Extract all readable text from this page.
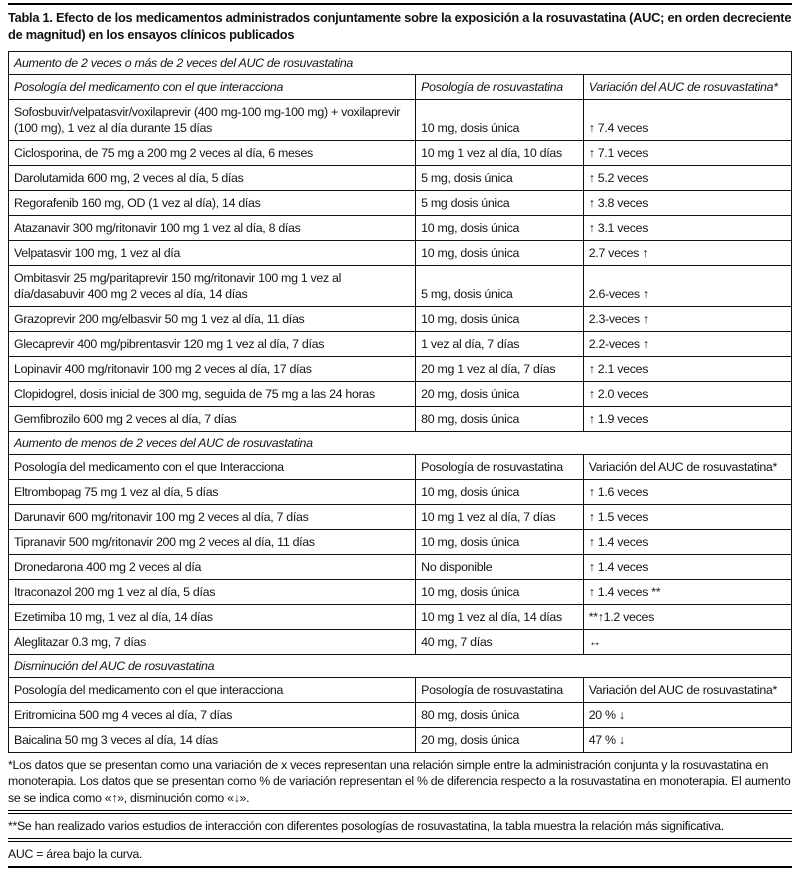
Tabla 1. Efecto de los medicamentos administrados conjuntamente sobre la exposición a la rosuvastatina (AUC; en orden decreciente de magnitud) en los ensayos clínicos publicados
Aumento de 2 veces o más de 2 veces del AUC de rosuvastatina		
Posología del medicamento con el que interacciona	Posología de rosuvastatina	Variación del AUC de rosuvastatina*
Sofosbuvir/velpatasvir/voxilaprevir (400 mg-100 mg-100 mg) + voxilaprevir (100 mg), 1 vez al día durante 15 días	10 mg, dosis única	↑ 7.4 veces
Ciclosporina, de 75 mg a 200 mg 2 veces al día, 6 meses	10 mg 1 vez al día, 10 días	↑ 7.1 veces
Darolutamida 600 mg, 2 veces al día, 5 días	5 mg, dosis única	↑ 5.2 veces
Regorafenib 160 mg, OD (1 vez al día), 14 días	5 mg dosis única	↑ 3.8 veces
Atazanavir 300 mg/ritonavir 100 mg 1 vez al día, 8 días	10 mg, dosis única	↑ 3.1 veces
Velpatasvir 100 mg, 1 vez al día	10 mg, dosis única	2.7 veces ↑
Ombitasvir 25 mg/paritaprevir 150 mg/ritonavir 100 mg 1 vez al día/dasabuvir 400 mg 2 veces al día, 14 días	5 mg, dosis única	2.6-veces ↑
Grazoprevir 200 mg/elbasvir 50 mg 1 vez al día, 11 días	10 mg, dosis única	2.3-veces ↑
Glecaprevir 400 mg/pibrentasvir 120 mg 1 vez al día, 7 días	1 vez al día, 7 días	2.2-veces ↑
Lopinavir 400 mg/ritonavir 100 mg 2 veces al día, 17 días	20 mg 1 vez al día, 7 días	↑ 2.1 veces
Clopidogrel, dosis inicial de 300 mg, seguida de 75 mg a las 24 horas	20 mg, dosis única	↑ 2.0 veces
Gemfibrozilo 600 mg 2 veces al día, 7 días	80 mg, dosis única	↑ 1.9 veces
Aumento de menos de 2 veces del AUC de rosuvastatina		
Posología del medicamento con el que Interacciona	Posología de rosuvastatina	Variación del AUC de rosuvastatina*
Eltrombopag 75 mg 1 vez al día, 5 días	10 mg, dosis única	↑ 1.6 veces
Darunavir 600 mg/ritonavir 100 mg 2 veces al día, 7 días	10 mg 1 vez al día, 7 días	↑ 1.5 veces
Tipranavir 500 mg/ritonavir 200 mg 2 veces al día, 11 días	10 mg, dosis única	↑ 1.4 veces
Dronedarona 400 mg 2 veces al día	No disponible	↑ 1.4 veces
Itraconazol 200 mg 1 vez al día, 5 días	10 mg, dosis única	↑ 1.4 veces **
Ezetimiba 10 mg, 1 vez al día, 14 días	10 mg 1 vez al día, 14 días	**↑1.2 veces
Aleglitazar 0.3 mg, 7 días	40 mg, 7 días	↔
Disminución del AUC de rosuvastatina		
Posología del medicamento con el que interacciona	Posología de rosuvastatina	Variación del AUC de rosuvastatina*
Eritromicina 500 mg 4 veces al día, 7 días	80 mg, dosis única	20 % ↓
Baicalina 50 mg 3 veces al día, 14 días	20 mg, dosis única	47 % ↓
*Los datos que se presentan como una variación de x veces representan una relación simple entre la administración conjunta y la rosuvastatina en monoterapia. Los datos que se presentan como % de variación representan el % de diferencia respecto a la rosuvastatina en monoterapia. El aumento se se indica como «↑», disminución como «↓».
**Se han realizado varios estudios de interacción con diferentes posologías de rosuvastatina, la tabla muestra la relación más significativa.
AUC = área bajo la curva.
